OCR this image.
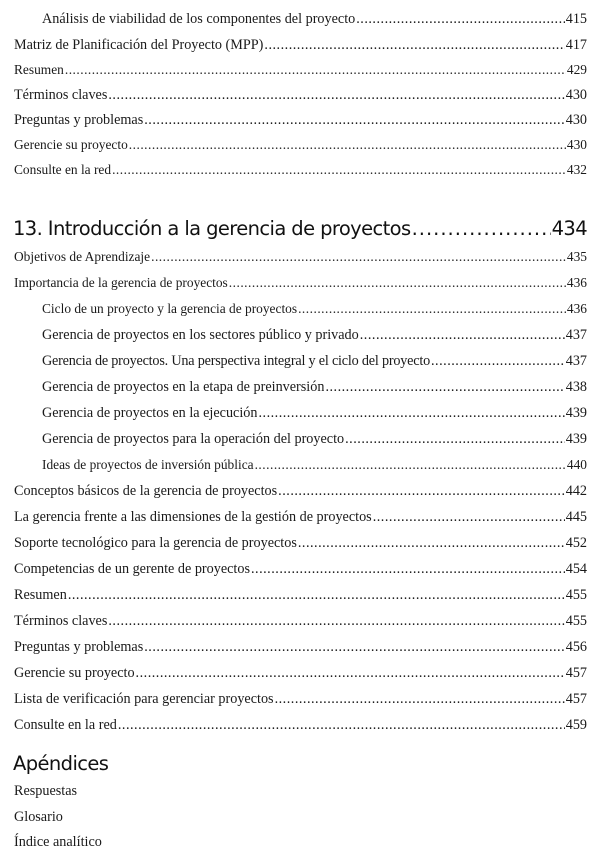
Análisis de viabilidad de los componentes del proyecto .....	415
Matriz de Planificación del Proyecto (MPP) .....	417
Resumen .....	429
Términos claves .....	430
Preguntas y problemas .....	430
Gerencie su proyecto .....	430
Consulte en la red .....	432
13. Introducción a la gerencia de proyectos .....	434
Objetivos de Aprendizaje .....	435
Importancia de la gerencia de proyectos .....	436
Ciclo de un proyecto y la gerencia de proyectos .....	436
Gerencia de proyectos en los sectores público y privado .....	437
Gerencia de proyectos. Una perspectiva integral y el ciclo del proyecto .....	437
Gerencia de proyectos en la etapa de preinversión .....	438
Gerencia de proyectos en la ejecución .....	439
Gerencia de proyectos para la operación del proyecto .....	439
Ideas de proyectos de inversión pública .....	440
Conceptos básicos de la gerencia de proyectos .....	442
La gerencia frente a las dimensiones de la gestión de proyectos .....	445
Soporte tecnológico para la gerencia de proyectos .....	452
Competencias de un gerente de proyectos .....	454
Resumen .....	455
Términos claves .....	455
Preguntas y problemas .....	456
Gerencie su proyecto .....	457
Lista de verificación para gerenciar proyectos .....	457
Consulte en la red .....	459
Apéndices
Respuestas
Glosario
Índice analítico
